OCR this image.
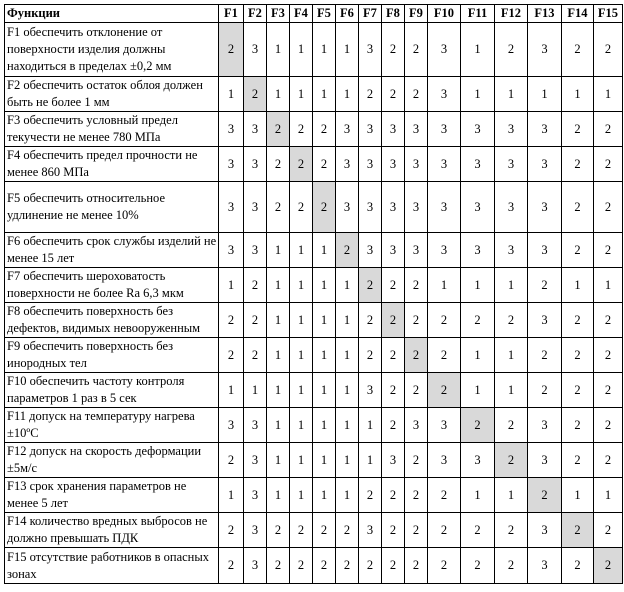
Функции	F1	F2	F3	F4	F5	F6	F7	F8	F9	F10	F11	F12	F13	F14	F15
F1 обеспечить отклонение от поверхности изделия должны находиться в пределах ±0,2 мм	2	3	1	1	1	1	3	2	2	3	1	2	3	2	2
F2 обеспечить остаток облоя должен быть не более 1 мм	1	2	1	1	1	1	2	2	2	3	1	1	1	1	1
F3 обеспечить условный предел текучести не менее 780 МПа	3	3	2	2	2	3	3	3	3	3	3	3	3	2	2
F4 обеспечить предел прочности не менее 860 МПа	3	3	2	2	2	3	3	3	3	3	3	3	3	2	2
F5 обеспечить относительное удлинение не менее 10%	3	3	2	2	2	3	3	3	3	3	3	3	3	2	2
F6 обеспечить срок службы изделий не менее 15 лет	3	3	1	1	1	2	3	3	3	3	3	3	3	2	2
F7 обеспечить шероховатость поверхности не более Ra 6,3 мкм	1	2	1	1	1	1	2	2	2	1	1	1	2	1	1
F8 обеспечить поверхность без дефектов, видимых невооруженным	2	2	1	1	1	1	2	2	2	2	2	2	3	2	2
F9 обеспечить поверхность без инородных тел	2	2	1	1	1	1	2	2	2	2	1	1	2	2	2
F10 обеспечить частоту контроля параметров 1 раз в 5 сек	1	1	1	1	1	1	3	2	2	2	1	1	2	2	2
F11 допуск на температуру нагрева ±10ºС	3	3	1	1	1	1	1	2	3	3	2	2	3	2	2
F12 допуск на скорость деформации ±5м/с	2	3	1	1	1	1	1	3	2	3	3	2	3	2	2
F13 срок хранения параметров не менее 5 лет	1	3	1	1	1	1	2	2	2	2	1	1	2	1	1
F14 количество вредных выбросов не должно превышать ПДК	2	3	2	2	2	2	3	2	2	2	2	2	3	2	2
F15 отсутствие работников в опасных зонах	2	3	2	2	2	2	2	2	2	2	2	2	3	2	2
